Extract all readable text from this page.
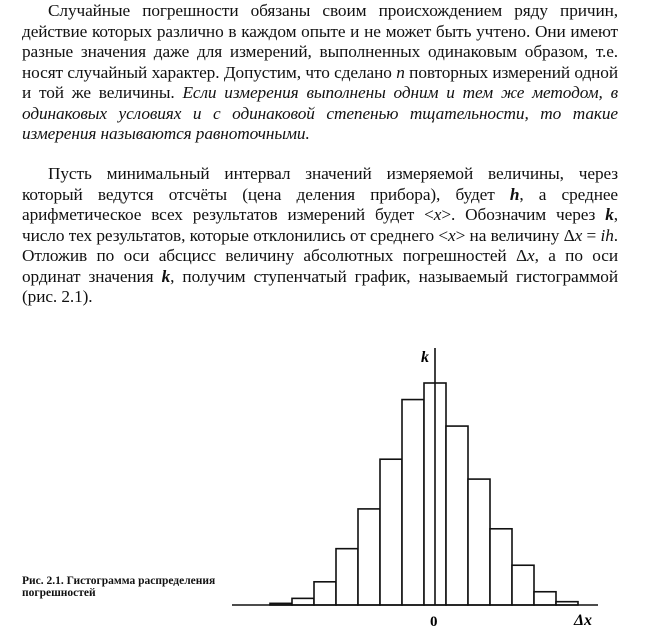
Случайные погрешности обязаны своим происхождением ряду причин, действие которых различно в каждом опыте и не может быть учтено. Они имеют разные значения даже для измерений, выполненных одинаковым образом, т.е. носят случайный характер. Допустим, что сделано n повторных измерений одной и той же величины. Если измерения выполнены одним и тем же методом, в одинаковых условиях и с одинаковой степенью тщательности, то такие измерения называются равноточными.

Пусть минимальный интервал значений измеряемой величины, через который ведутся отсчёты (цена деления прибора), будет h, а среднее арифметическое всех результатов измерений будет <x>. Обозначим через k, число тех результатов, которые отклонились от среднего <x> на величину Δx = ih. Отложив по оси абсцисс величину абсолютных погрешностей Δx, а по оси ординат значения k, получим ступенчатый график, называемый гистограммой (рис. 2.1).

k
Δx
0
Рис. 2.1. Гистограмма распределения погрешностей
